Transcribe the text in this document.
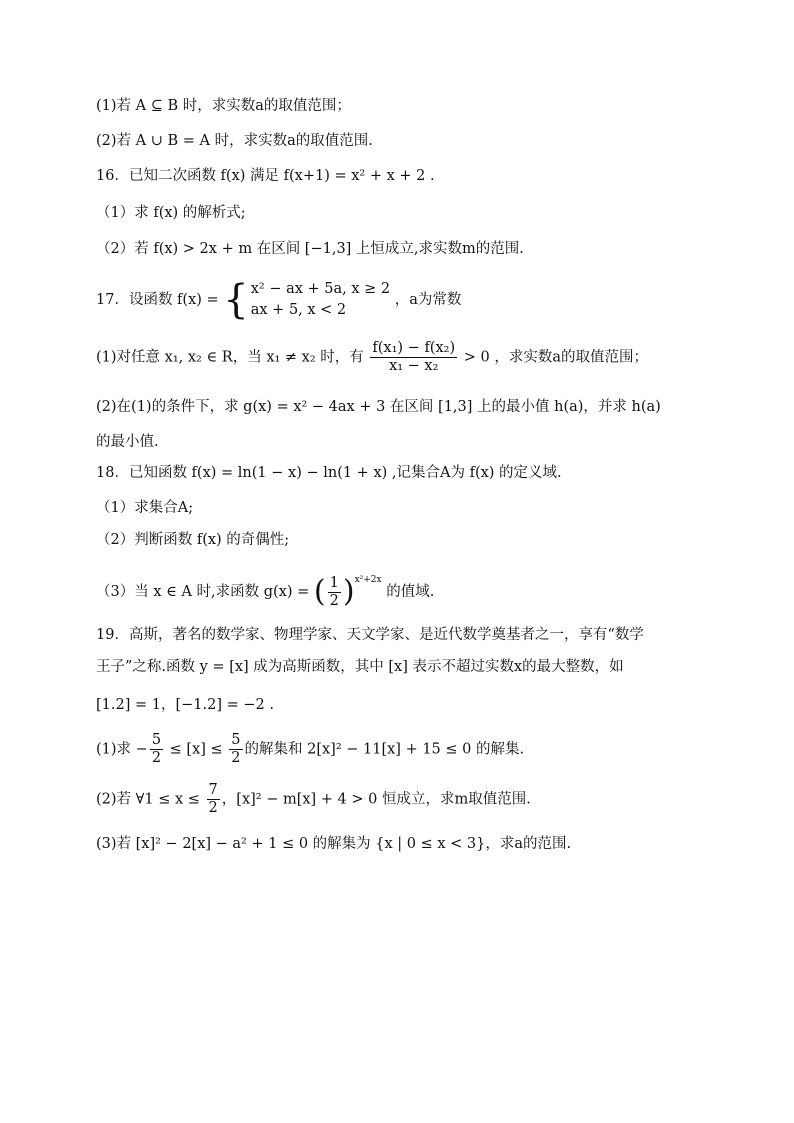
(1)若 A ⊆ B 时，求实数a的取值范围；
(2)若 A ∪ B = A 时，求实数a的取值范围.
16．已知二次函数 f(x) 满足 f(x+1) = x² + x + 2 .
（1）求 f(x) 的解析式;
（2）若 f(x) > 2x + m 在区间 [−1,3] 上恒成立,求实数m的范围.
17．设函数 f(x) = { x² − ax + 5a, x ≥ 2
ax + 5, x < 2
，a为常数
(1)对任意 x₁, x₂ ∈ R，当 x₁ ≠ x₂ 时，有 $\frac{\text{f(x₁) − f(x₂)}}{\text{x₁ − x₂}} > 0$ ，求实数a的取值范围；
(2)在(1)的条件下，求 g(x) = x² − 4ax + 3 在区间 [1,3] 上的最小值 h(a)，并求 h(a)
的最小值.
18．已知函数 f(x) = ln(1 − x) − ln(1 + x) ,记集合A为 f(x) 的定义域.
（1）求集合A;
（2）判断函数 f(x) 的奇偶性;
（3）当 x ∈ A 时,求函数 g(x) = ( $\frac{1}{2} )^{x^2+2x}$ 的值域.
19．高斯，著名的数学家、物理学家、天文学家、是近代数学奠基者之一，享有“数学
王子”之称.函数 y = [x] 成为高斯函数，其中 [x] 表示不超过实数x的最大整数，如
[1.2] = 1，[−1.2] = −2 .
(1)求 − $\frac{5}{2} \le [x] \le \frac{5}{2}$ 的解集和 2[x]² − 11[x] + 15 ≤ 0 的解集.
(2)若 ∀1 ≤ $x \le \frac{7}{2}$ ，[x]² − m[x] + 4 > 0 恒成立，求m取值范围.
(3)若 [x]² − 2[x] − a² + 1 ≤ 0 的解集为 {x | 0 ≤ x < 3}，求a的范围.
